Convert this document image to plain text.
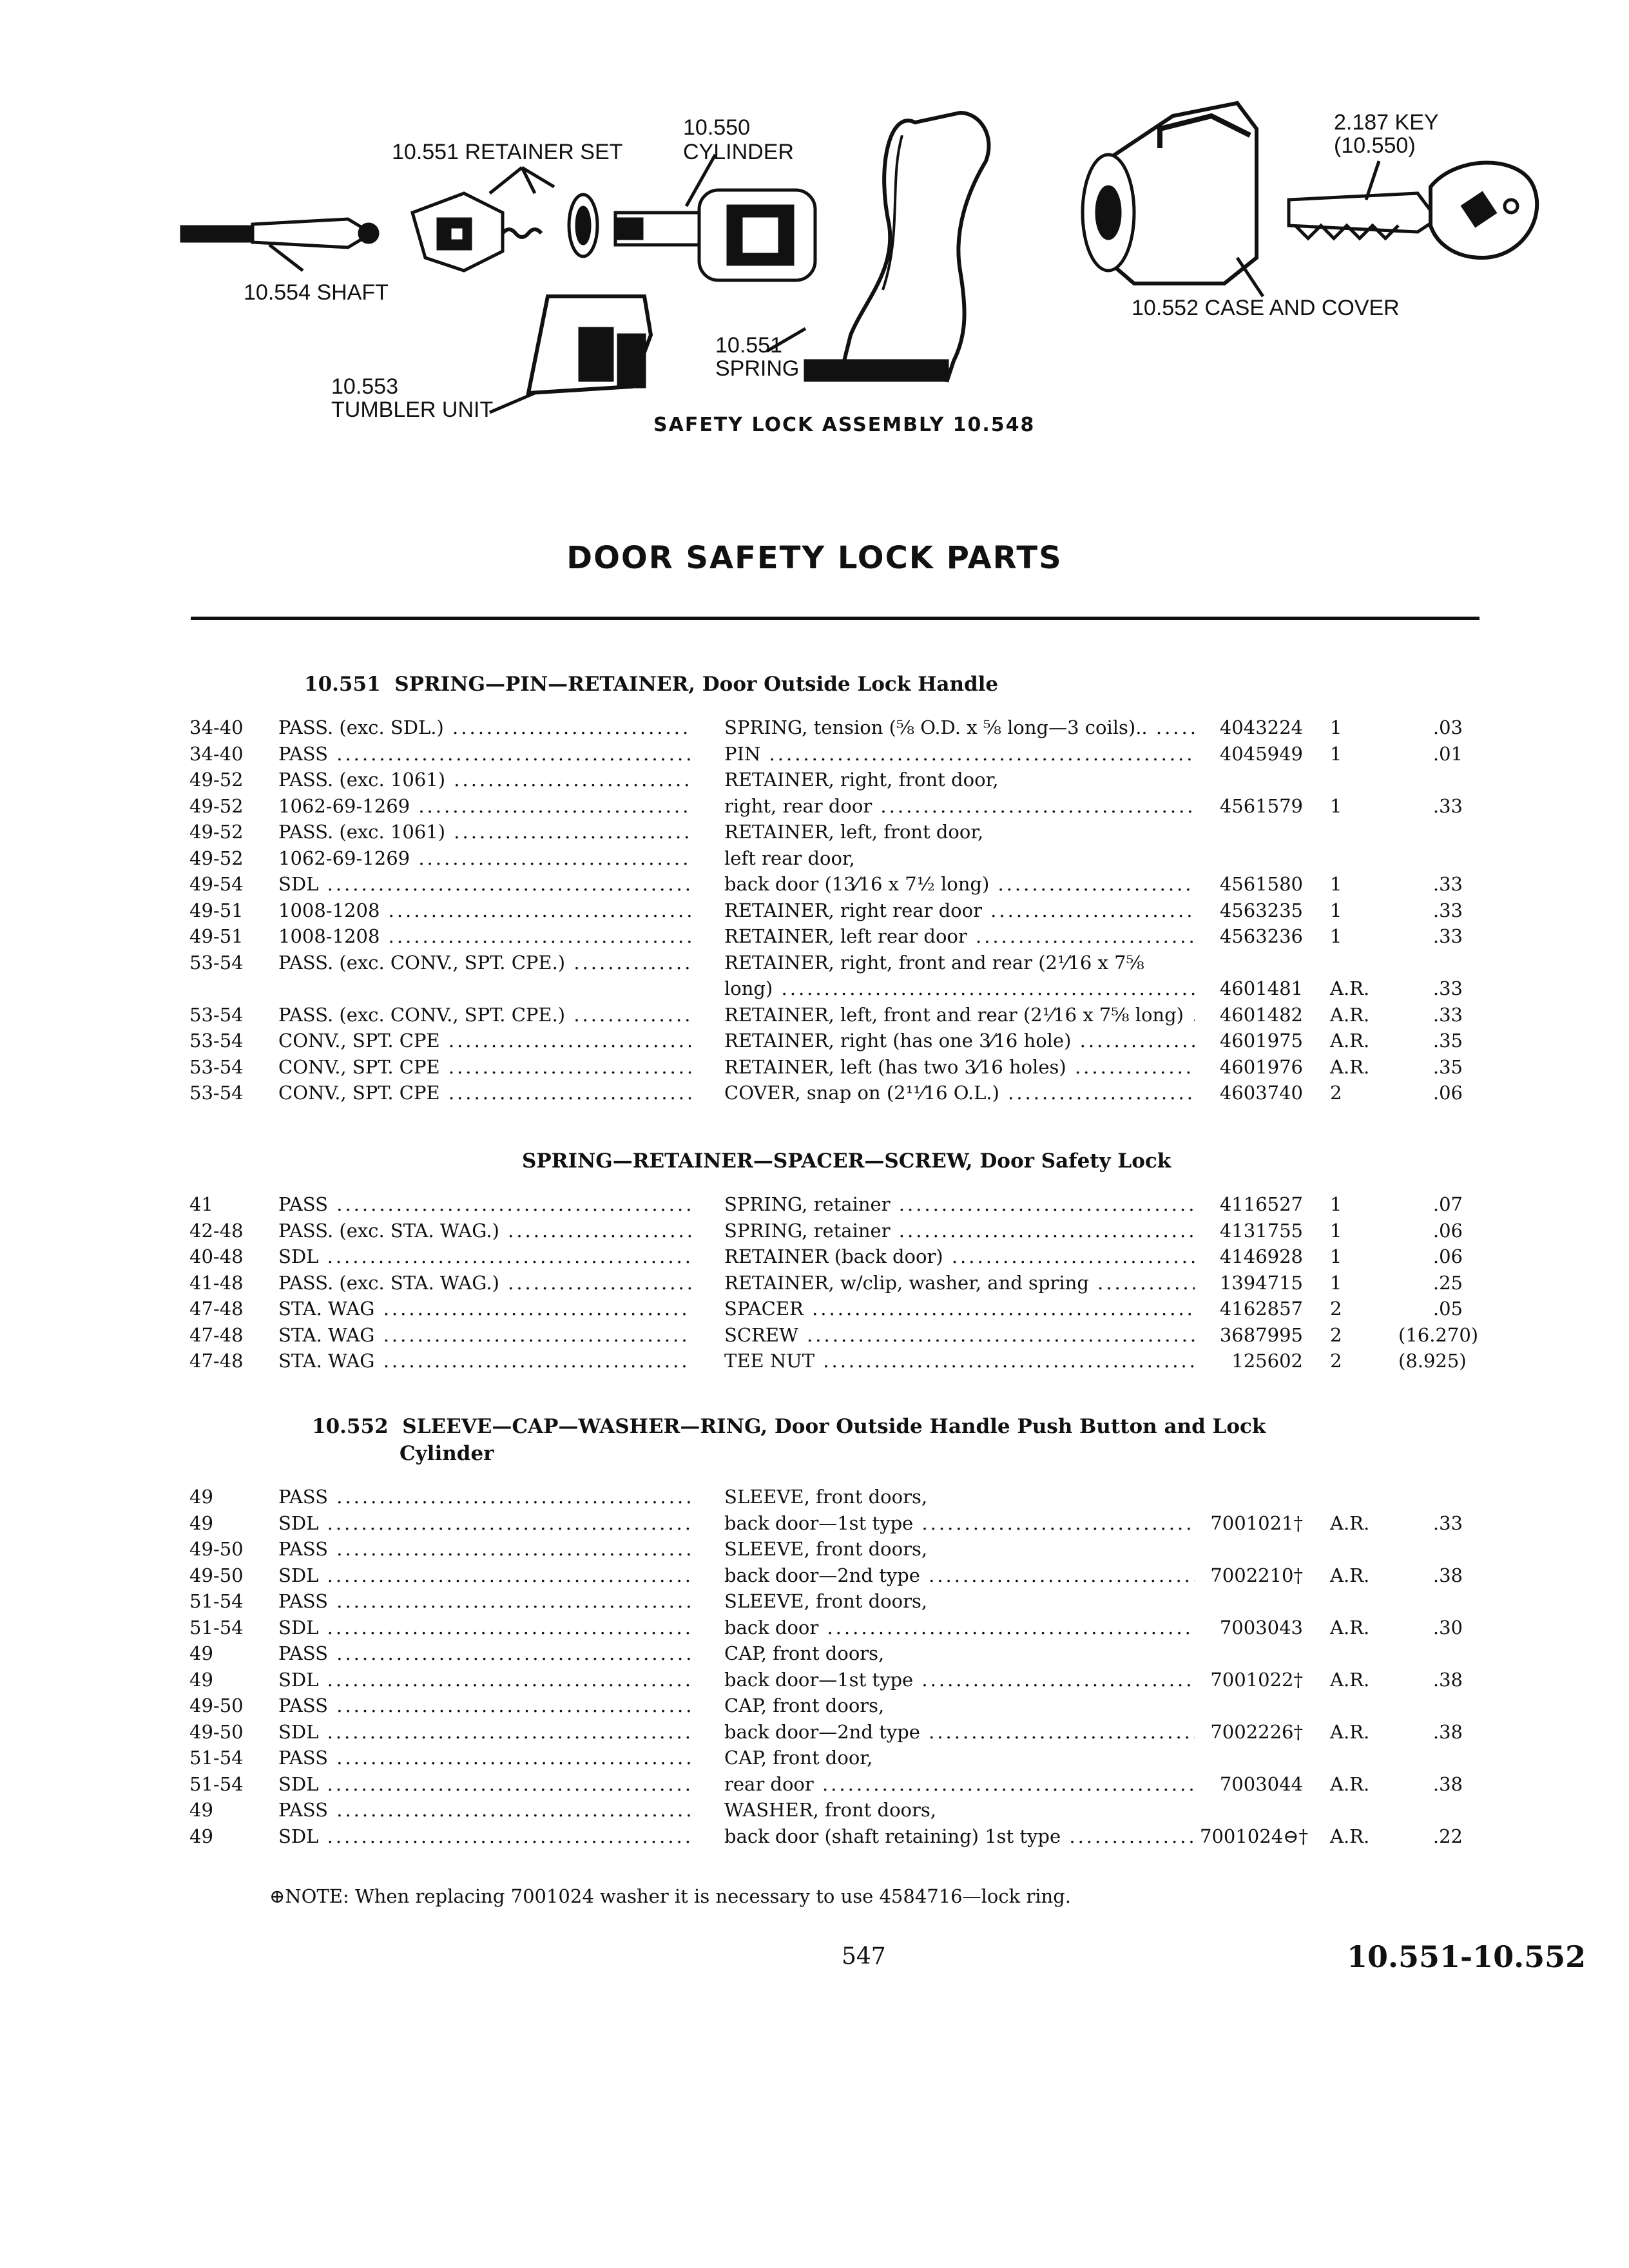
10.551 RETAINER SET
10.550
CYLINDER
10.554 SHAFT
10.551
SPRING
10.553
TUMBLER UNIT
2.187 KEY
(10.550)
10.552 CASE AND COVER
SAFETY LOCK ASSEMBLY 10.548
DOOR SAFETY LOCK PARTS
10.551 SPRING—PIN—RETAINER, Door Outside Lock Handle
SPRING—RETAINER—SPACER—SCREW, Door Safety Lock
10.552 SLEEVE—CAP—WASHER—RING, Door Outside Handle Push Button and Lock
Cylinder
34-40 PASS. (exc. SDL.) .....	SPRING, tension (⅝ O.D. x ⅝ long—3 coils).. .....	4043224 1	.03
34-40 PASS .....	PIN .....	4045949 1	.01
49-52 PASS. (exc. 1061) .....	RETAINER, right, front door,
49-52 1062-69-1269 .....	right, rear door .....	4561579 1	.33
49-52 PASS. (exc. 1061) .....	RETAINER, left, front door,
49-52 1062-69-1269 .....	left rear door,
49-54 SDL .....	back door (13⁄16 x 7½ long) .....	4561580 1	.33
49-51 1008-1208 .....	RETAINER, right rear door .....	4563235 1	.33
49-51 1008-1208 .....	RETAINER, left rear door .....	4563236 1	.33
53-54 PASS. (exc. CONV., SPT. CPE.) .....	RETAINER, right, front and rear (2⅟16 x 7⅝
long) .....	4601481 A.R.	.33
53-54 PASS. (exc. CONV., SPT. CPE.) .....	RETAINER, left, front and rear (2⅟16 x 7⅝ long) .....	4601482 A.R.	.33
53-54 CONV., SPT. CPE .....	RETAINER, right (has one 3⁄16 hole) .....	4601975 A.R.	.35
53-54 CONV., SPT. CPE .....	RETAINER, left (has two 3⁄16 holes) .....	4601976 A.R.	.35
53-54 CONV., SPT. CPE .....	COVER, snap on (2¹¹⁄16 O.L.) .....	4603740 2	.06
41	PASS .....	SPRING, retainer .....	4116527 1	.07
42-48 PASS. (exc. STA. WAG.) .....	SPRING, retainer .....	4131755 1	.06
40-48 SDL .....	RETAINER (back door) .....	4146928 1	.06
41-48 PASS. (exc. STA. WAG.) .....	RETAINER, w/clip, washer, and spring .....	1394715 1	.25
47-48 STA. WAG .....	SPACER .....	4162857 2	.05
47-48 STA. WAG .....	SCREW .....	3687995 2	(16.270)
47-48 STA. WAG .....	TEE NUT .....	125602 2	(8.925)
49	PASS .....	SLEEVE, front doors,
49	SDL .....	back door—1st type .....	7001021† A.R.	.33
49-50 PASS .....	SLEEVE, front doors,
49-50 SDL .....	back door—2nd type .....	7002210† A.R.	.38
51-54 PASS .....	SLEEVE, front doors,
51-54 SDL .....	back door .....	7003043 A.R.	.30
49	PASS .....	CAP, front doors,
49	SDL .....	back door—1st type .....	7001022† A.R.	.38
49-50 PASS .....	CAP, front doors,
49-50 SDL .....	back door—2nd type .....	7002226† A.R.	.38
51-54 PASS .....	CAP, front door,
51-54 SDL .....	rear door .....	7003044 A.R.	.38
49	PASS .....	WASHER, front doors,
49	SDL .....	back door (shaft retaining) 1st type .....	7001024⊖† A.R.	.22
⊕NOTE: When replacing 7001024 washer it is necessary to use 4584716—lock ring.
547	10.551-10.552
